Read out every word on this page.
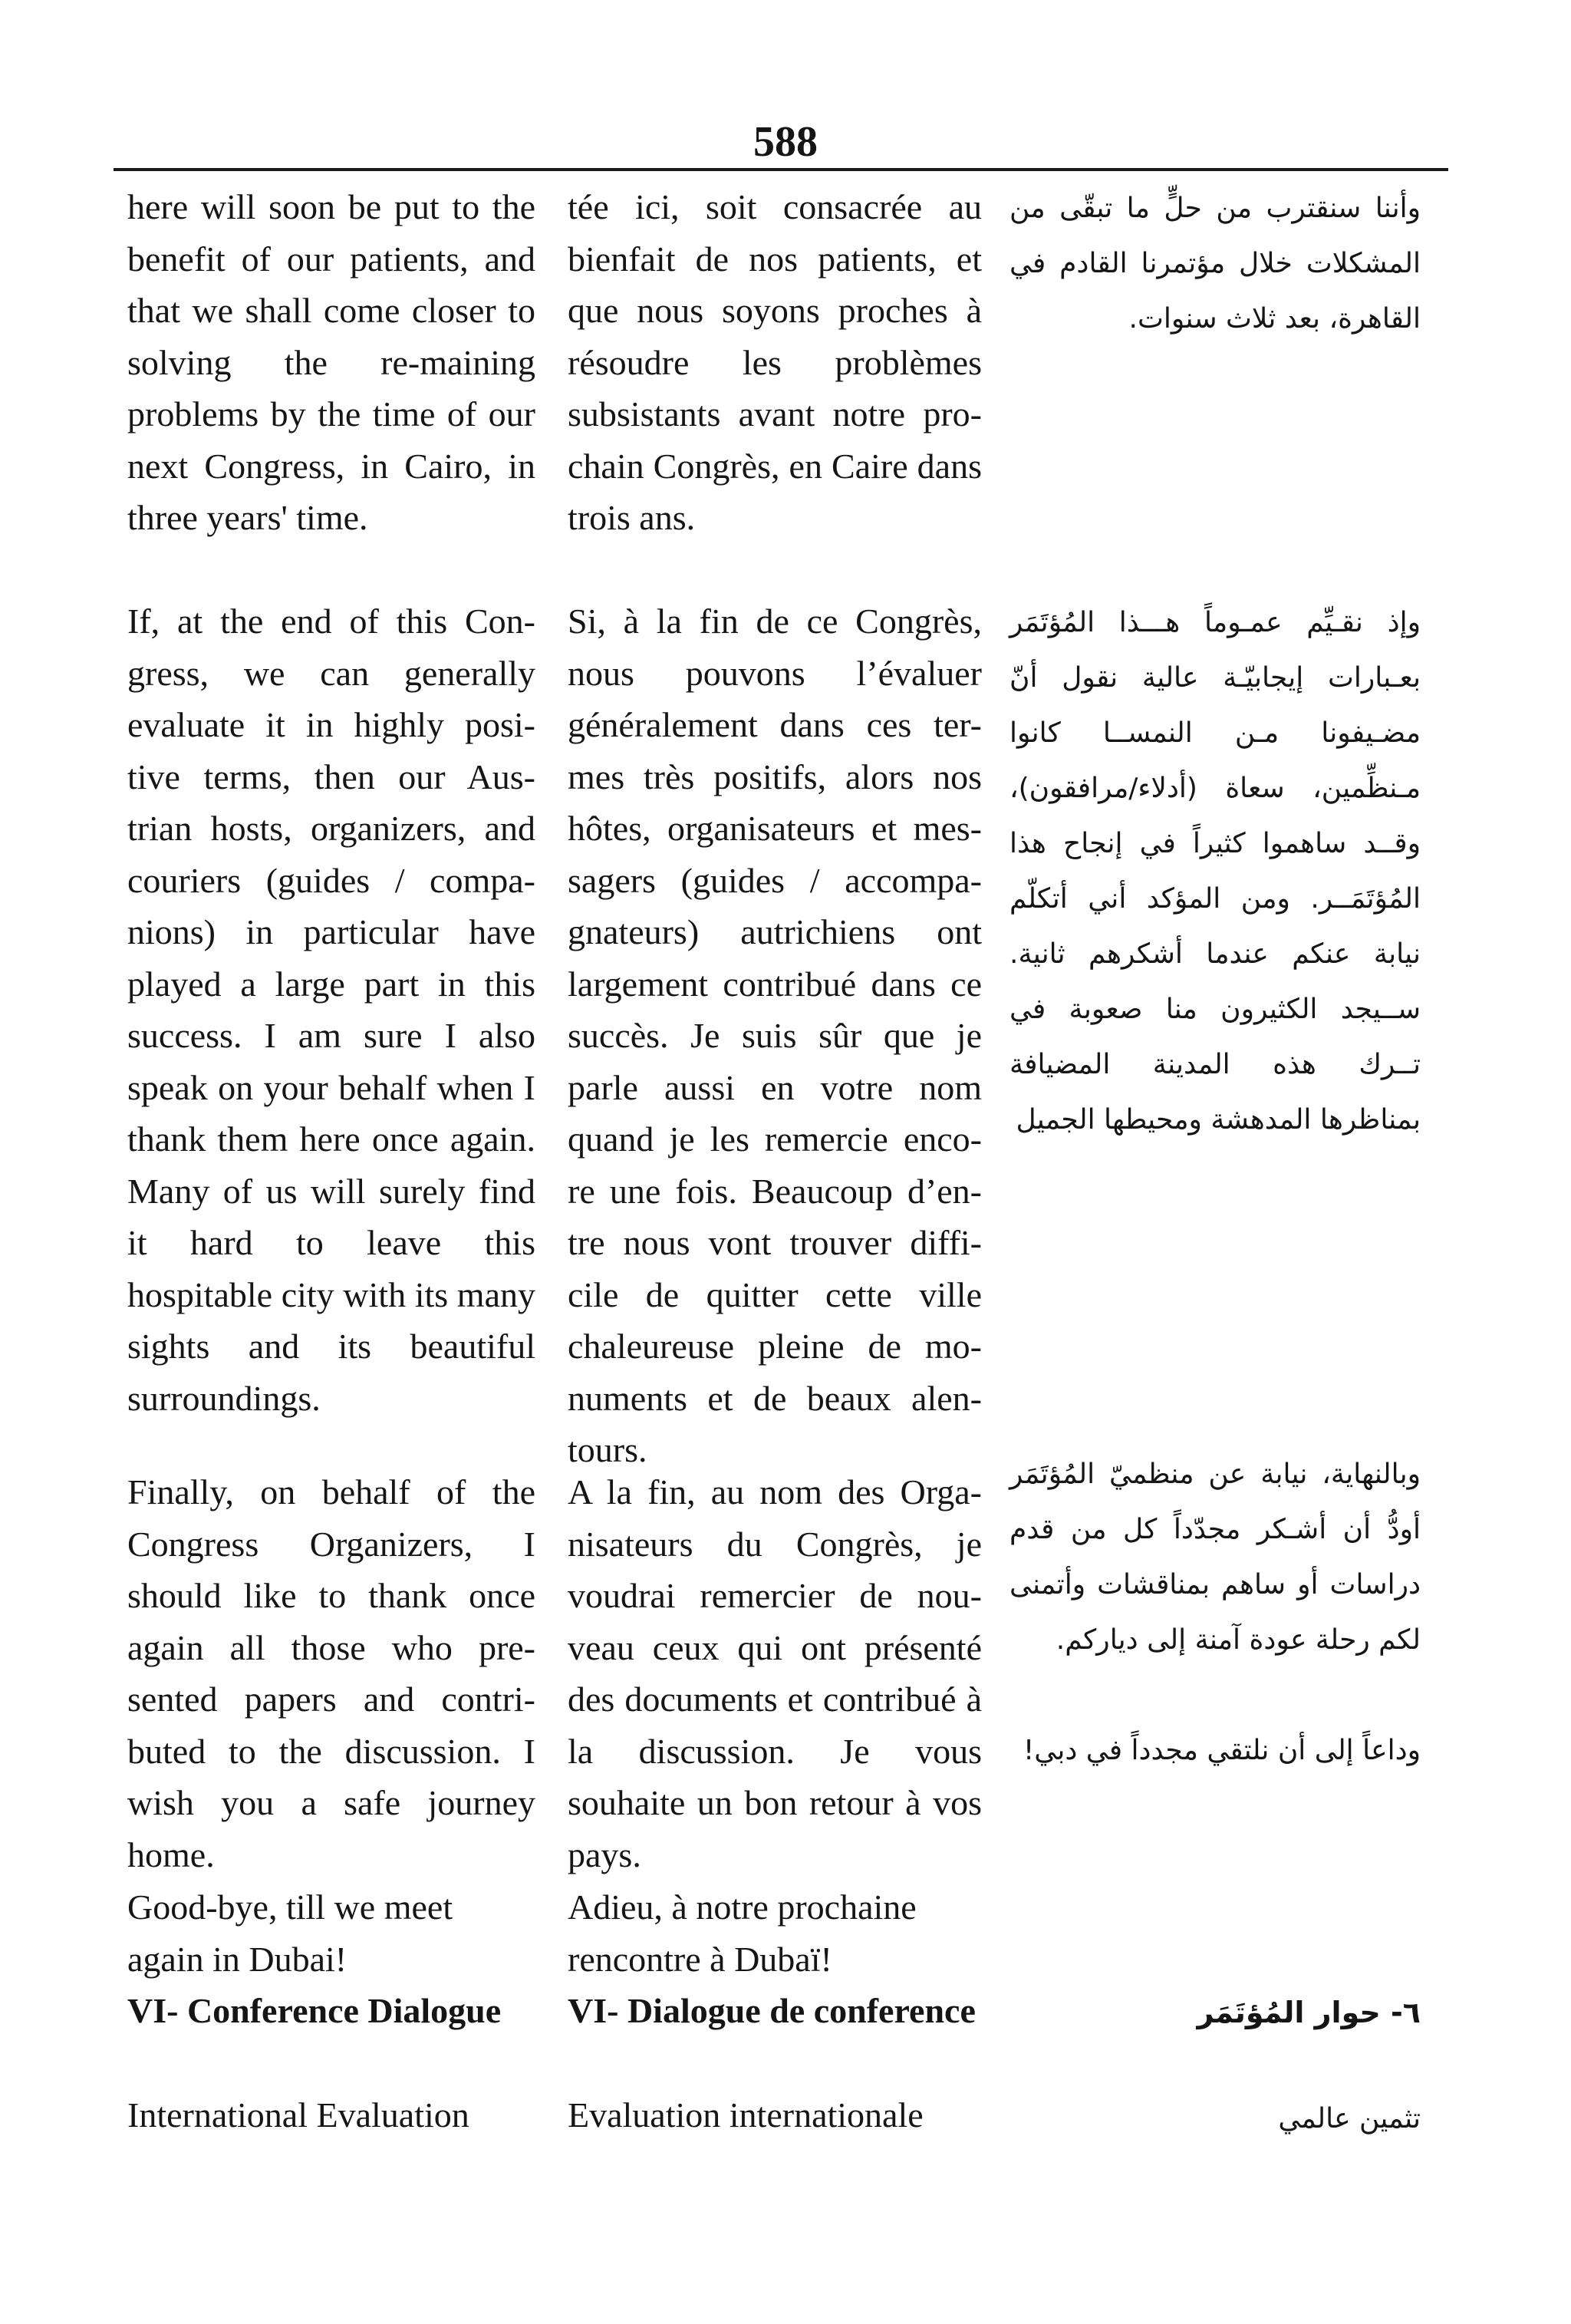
588
here will soon be put to the benefit of our patients, and that we shall come closer to solving the re-maining problems by the time of our next Congress, in Cairo, in three years' time.
If, at the end of this Con-gress, we can generally evaluate it in highly posi-tive terms, then our Aus-trian hosts, organizers, and couriers (guides / compa-nions) in particular have played a large part in this success. I am sure I also speak on your behalf when I thank them here once again. Many of us will surely find it hard to leave this hospitable city with its many sights and its beautiful surroundings.
Finally, on behalf of the Congress Organizers, I should like to thank once again all those who pre-sented papers and contri-buted to the discussion. I wish you a safe journey home.
Good-bye, till we meet again in Dubai!
VI- Conference Dialogue
International Evaluation
tée ici, soit consacrée au bienfait de nos patients, et que nous soyons proches à résoudre les problèmes subsistants avant notre pro-chain Congrès, en Caire dans trois ans.
Si, à la fin de ce Congrès, nous pouvons l’évaluer généralement dans ces ter-mes très positifs, alors nos hôtes, organisateurs et mes-sagers (guides / accompa-gnateurs) autrichiens ont largement contribué dans ce succès. Je suis sûr que je parle aussi en votre nom quand je les remercie enco-re une fois. Beaucoup d’en-tre nous vont trouver diffi-cile de quitter cette ville chaleureuse pleine de mo-numents et de beaux alen-tours.
A la fin, au nom des Orga-nisateurs du Congrès, je voudrai remercier de nou-veau ceux qui ont présenté des documents et contribué à la discussion. Je vous souhaite un bon retour à vos pays.
Adieu, à notre prochaine rencontre à Dubaï!
VI- Dialogue de conference
Evaluation internationale
وأننا سنقترب من حلٍّ ما تبقّى من المشكلات خلال مؤتمرنا القادم في القاهرة، بعد ثلاث سنوات.
وإذ نقـيِّم عمـوماً هـــذا المُؤتَمَر بعـبارات إيجابيّـة عالية نقول أنّ مضـيفونا مـن النمســا كانوا مـنظِّمين، سعاة (أدلاء/مرافقون)، وقــد ساهموا كثيراً في إنجاح هذا المُؤتَمَــر. ومن المؤكد أني أتكلّم نيابة عنكم عندما أشكرهم ثانية. ســيجد الكثيرون منا صعوبة في تــرك هذه المدينة المضيافة بمناظرها المدهشة ومحيطها الجميل
وبالنهاية، نيابة عن منظميّ المُؤتَمَر أودُّ أن أشـكر مجدّداً كل من قدم دراسات أو ساهم بمناقشات وأتمنى لكم رحلة عودة آمنة إلى دياركم.
وداعاً إلى أن نلتقي مجدداً في دبي!
٦- حوار المُؤتَمَر
تثمين عالمي
